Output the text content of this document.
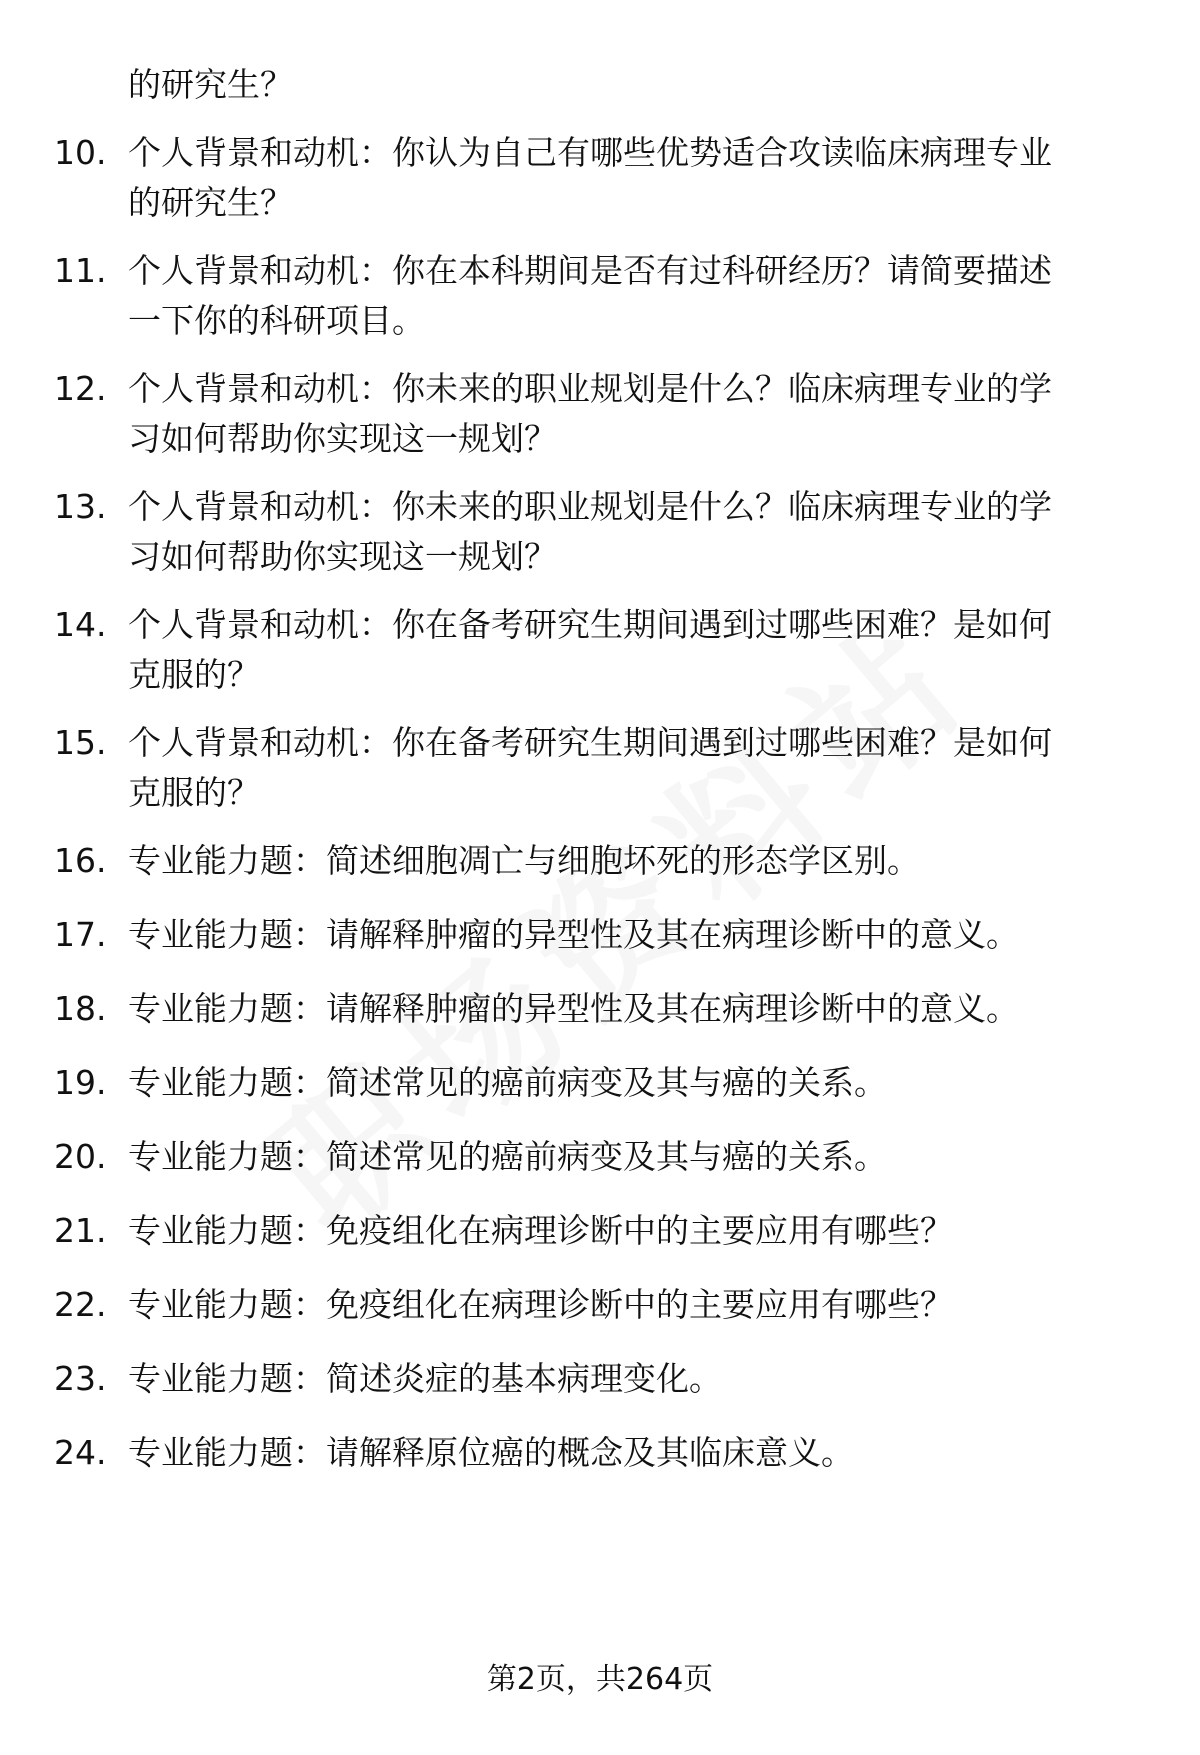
的研究生？
10. 个人背景和动机：你认为自己有哪些优势适合攻读临床病理专业
的研究生？
11. 个人背景和动机：你在本科期间是否有过科研经历？请简要描述
一下你的科研项目。
12. 个人背景和动机：你未来的职业规划是什么？临床病理专业的学
习如何帮助你实现这一规划？
13. 个人背景和动机：你未来的职业规划是什么？临床病理专业的学
习如何帮助你实现这一规划？
14. 个人背景和动机：你在备考研究生期间遇到过哪些困难？是如何
克服的？
15. 个人背景和动机：你在备考研究生期间遇到过哪些困难？是如何
克服的？
16. 专业能力题：简述细胞凋亡与细胞坏死的形态学区别。
17. 专业能力题：请解释肿瘤的异型性及其在病理诊断中的意义。
18. 专业能力题：请解释肿瘤的异型性及其在病理诊断中的意义。
19. 专业能力题：简述常见的癌前病变及其与癌的关系。
20. 专业能力题：简述常见的癌前病变及其与癌的关系。
21. 专业能力题：免疫组化在病理诊断中的主要应用有哪些？
22. 专业能力题：免疫组化在病理诊断中的主要应用有哪些？
23. 专业能力题：简述炎症的基本病理变化。
24. 专业能力题：请解释原位癌的概念及其临床意义。
第2页，共264页
